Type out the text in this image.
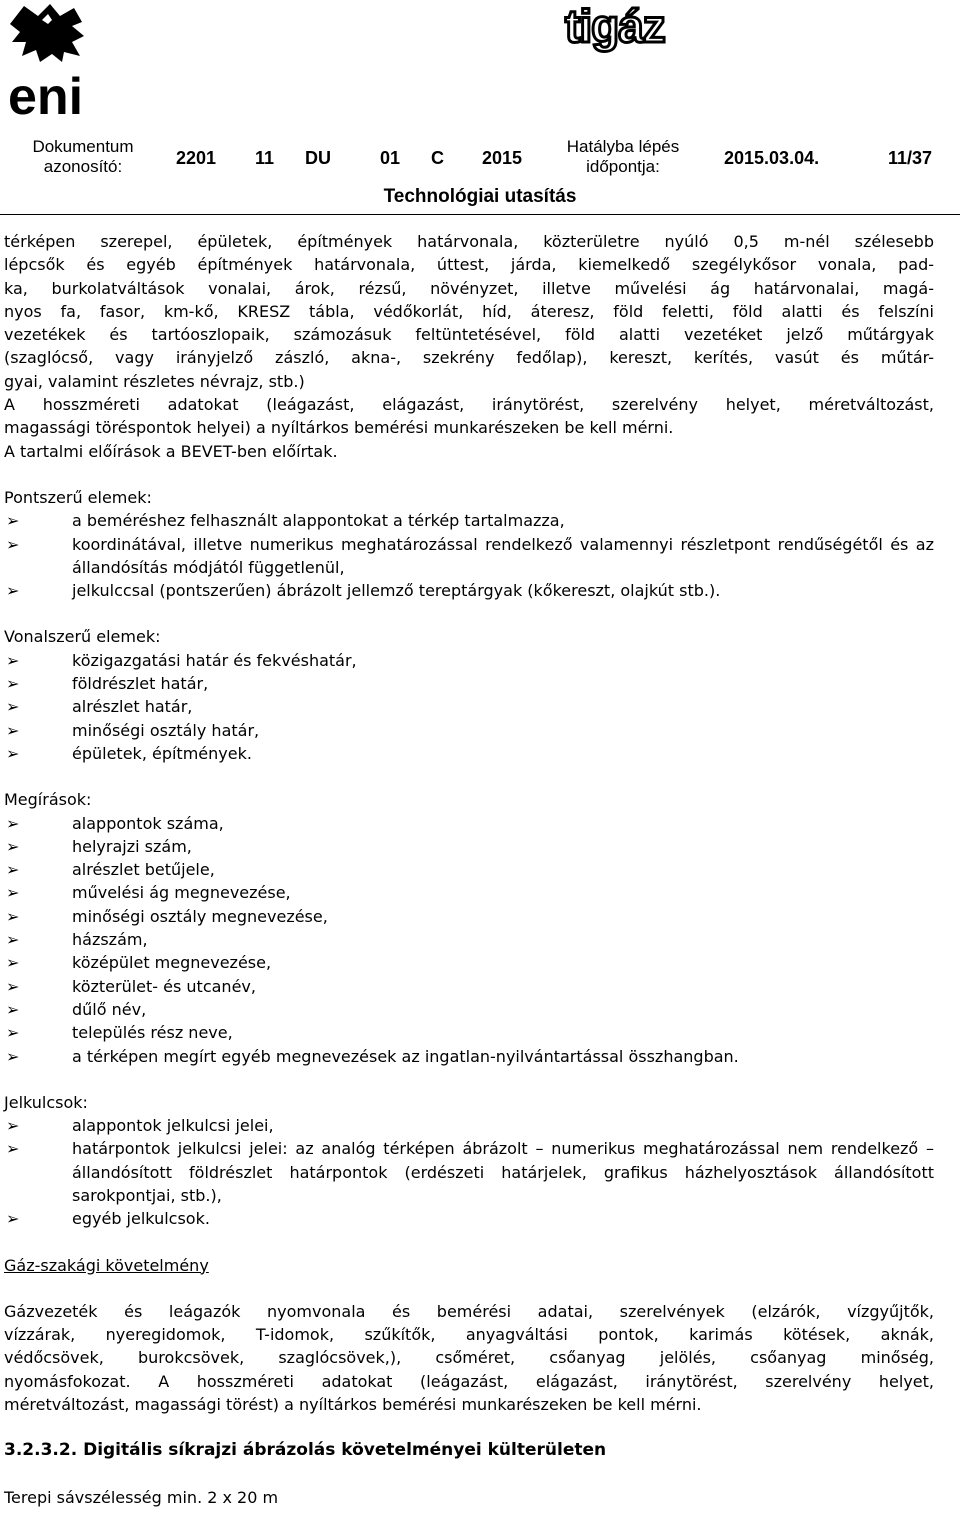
eni
tigáz
Dokumentum
azonosító:	2201 11 DU	01 C 2015
Hatályba lépés
időpontja:	2015.03.04.	11/37
Technológiai utasítás
térképen szerepel, épületek, építmények határvonala, közterületre nyúló 0,5 m-nél szélesebb
lépcsők és egyéb építmények határvonala, úttest, járda, kiemelkedő szegélykősor vonala, pad-
ka, burkolatváltások vonalai, árok, rézsű, növényzet, illetve művelési ág határvonalai, magá-
nyos fa, fasor, km-kő, KRESZ tábla, védőkorlát, híd, áteresz, föld feletti, föld alatti és felszíni
vezetékek és tartóoszlopaik, számozásuk feltüntetésével, föld alatti vezetéket jelző műtárgyak
(szaglócső, vagy irányjelző zászló, akna-, szekrény fedőlap), kereszt, kerítés, vasút és műtár-
gyai, valamint részletes névrajz, stb.)
A hosszméreti adatokat (leágazást, elágazást, iránytörést, szerelvény helyet, méretváltozást,
magassági töréspontok helyei) a nyíltárkos bemérési munkarészeken be kell mérni.
A tartalmi előírások a BEVET-ben előírtak.
Pontszerű elemek:
➢	a beméréshez felhasznált alappontokat a térkép tartalmazza,
➢	koordinátával, illetve numerikus meghatározással rendelkező valamennyi részletpont rendűségétől és az állandósítás módjától függetlenül,
➢	jelkulccsal (pontszerűen) ábrázolt jellemző tereptárgyak (kőkereszt, olajkút stb.).
Vonalszerű elemek:
➢	közigazgatási határ és fekvéshatár,
➢	földrészlet határ,
➢	alrészlet határ,
➢	minőségi osztály határ,
➢	épületek, építmények.
Megírások:
➢	alappontok száma,
➢	helyrajzi szám,
➢	alrészlet betűjele,
➢	művelési ág megnevezése,
➢	minőségi osztály megnevezése,
➢	házszám,
➢	középület megnevezése,
➢	közterület- és utcanév,
➢	dűlő név,
➢	település rész neve,
➢	a térképen megírt egyéb megnevezések az ingatlan-nyilvántartással összhangban.
Jelkulcsok:
➢	alappontok jelkulcsi jelei,
➢	határpontok jelkulcsi jelei: az analóg térképen ábrázolt – numerikus meghatározással nem rendelkező – állandósított földrészlet határpontok (erdészeti határjelek, grafikus házhelyosztások állandósított sarokpontjai, stb.),
➢	egyéb jelkulcsok.
Gáz-szakági követelmény
Gázvezeték és leágazók nyomvonala és bemérési adatai, szerelvények (elzárók, vízgyűjtők,
vízzárak, nyeregidomok, T-idomok, szűkítők, anyagváltási pontok, karimás kötések, aknák,
védőcsövek, burokcsövek, szaglócsövek,), csőméret, csőanyag jelölés, csőanyag minőség,
nyomásfokozat. A hosszméreti adatokat (leágazást, elágazást, iránytörést, szerelvény helyet,
méretváltozást, magassági törést) a nyíltárkos bemérési munkarészeken be kell mérni.
3.2.3.2. Digitális síkrajzi ábrázolás követelményei külterületen
Terepi sávszélesség min. 2 x 20 m
